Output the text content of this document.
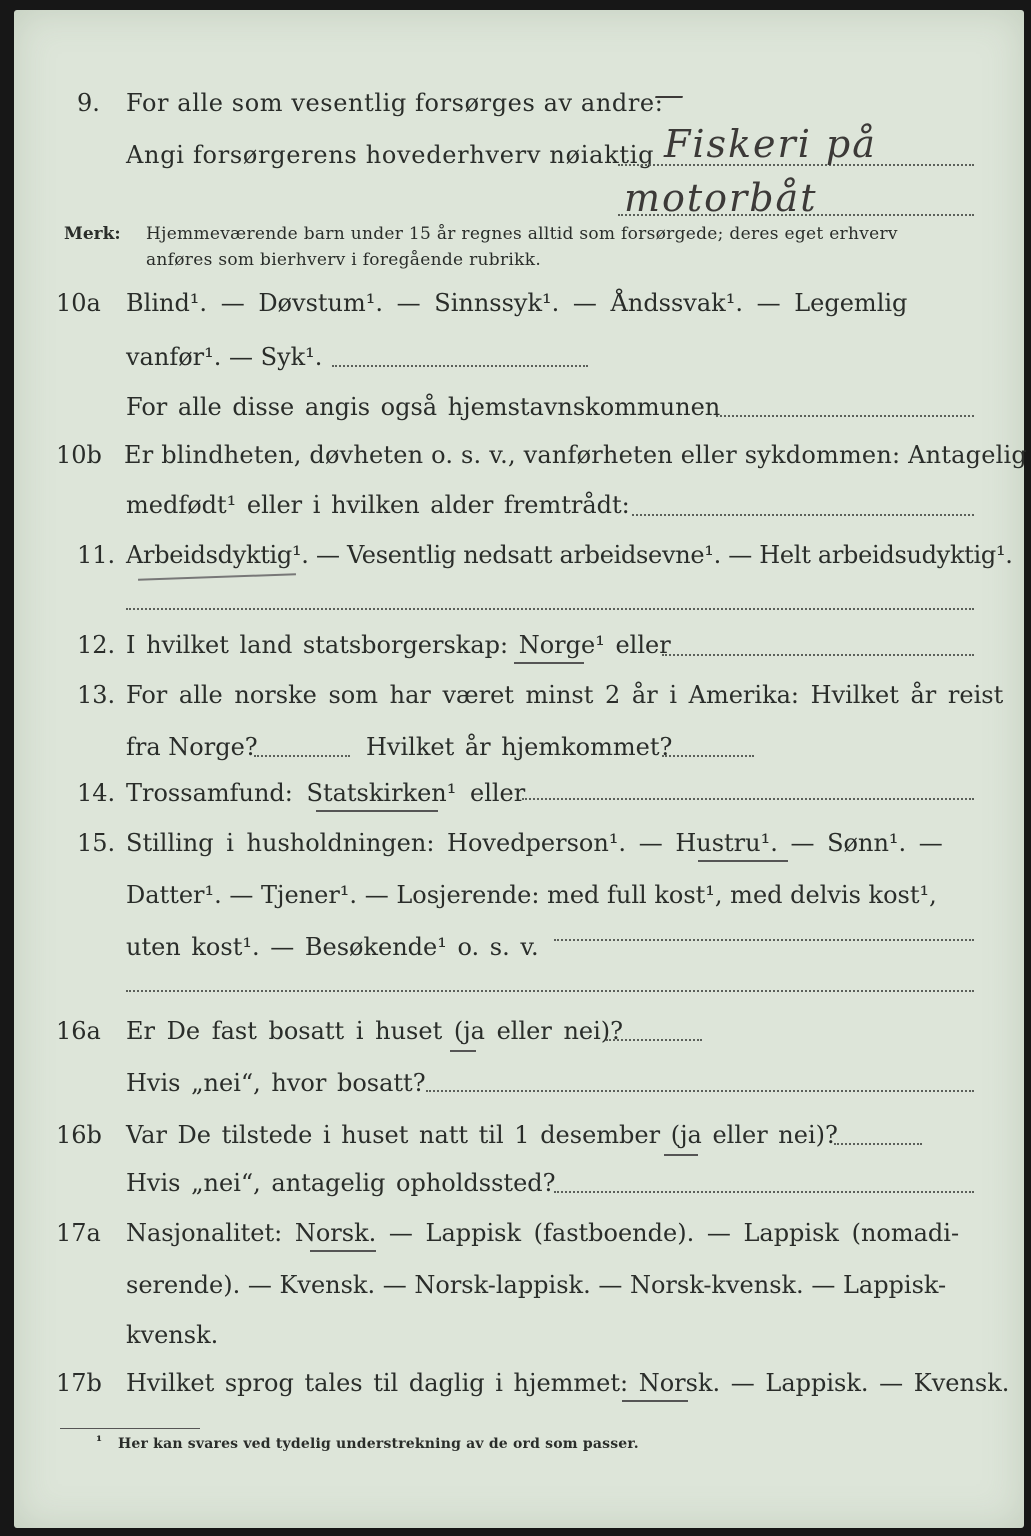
9. For alle som vesentlig forsørges av andre:
—
Angi forsørgerens hovederhverv nøiaktig Fiskeri på
motorbåt
Merk: Hjemmeværende barn under 15 år regnes alltid som forsørgede; deres eget erhverv
anføres som bierhverv i foregående rubrikk.
10a Blind¹. — Døvstum¹. — Sinnssyk¹. — Åndssvak¹. — Legemlig
vanfør¹. — Syk¹.
For alle disse angis også hjemstavnskommunen
10b Er blindheten, døvheten o. s. v., vanførheten eller sykdommen: Antagelig
medfødt¹ eller i hvilken alder fremtrådt:
11. Arbeidsdyktig¹. — Vesentlig nedsatt arbeidsevne¹. — Helt arbeidsudyktig¹.
12. I hvilket land statsborgerskap: Norge¹ eller
13. For alle norske som har været minst 2 år i Amerika: Hvilket år reist
fra Norge?	Hvilket år hjemkommet?
14. Trossamfund: Statskirken¹ eller
15. Stilling i husholdningen: Hovedperson¹. — Hustru¹. — Sønn¹. —
Datter¹. — Tjener¹. — Losjerende: med full kost¹, med delvis kost¹,
uten kost¹. — Besøkende¹ o. s. v.
16a Er De fast bosatt i huset (ja eller nei)?
Hvis „nei“, hvor bosatt?
16b Var De tilstede i huset natt til 1 desember (ja eller nei)?
Hvis „nei“, antagelig opholdssted?
17a Nasjonalitet: Norsk. — Lappisk (fastboende). — Lappisk (nomadi-
serende). — Kvensk. — Norsk-lappisk. — Norsk-kvensk. — Lappisk-
kvensk.
17b Hvilket sprog tales til daglig i hjemmet: Norsk. — Lappisk. — Kvensk.
¹ Her kan svares ved tydelig understrekning av de ord som passer.
